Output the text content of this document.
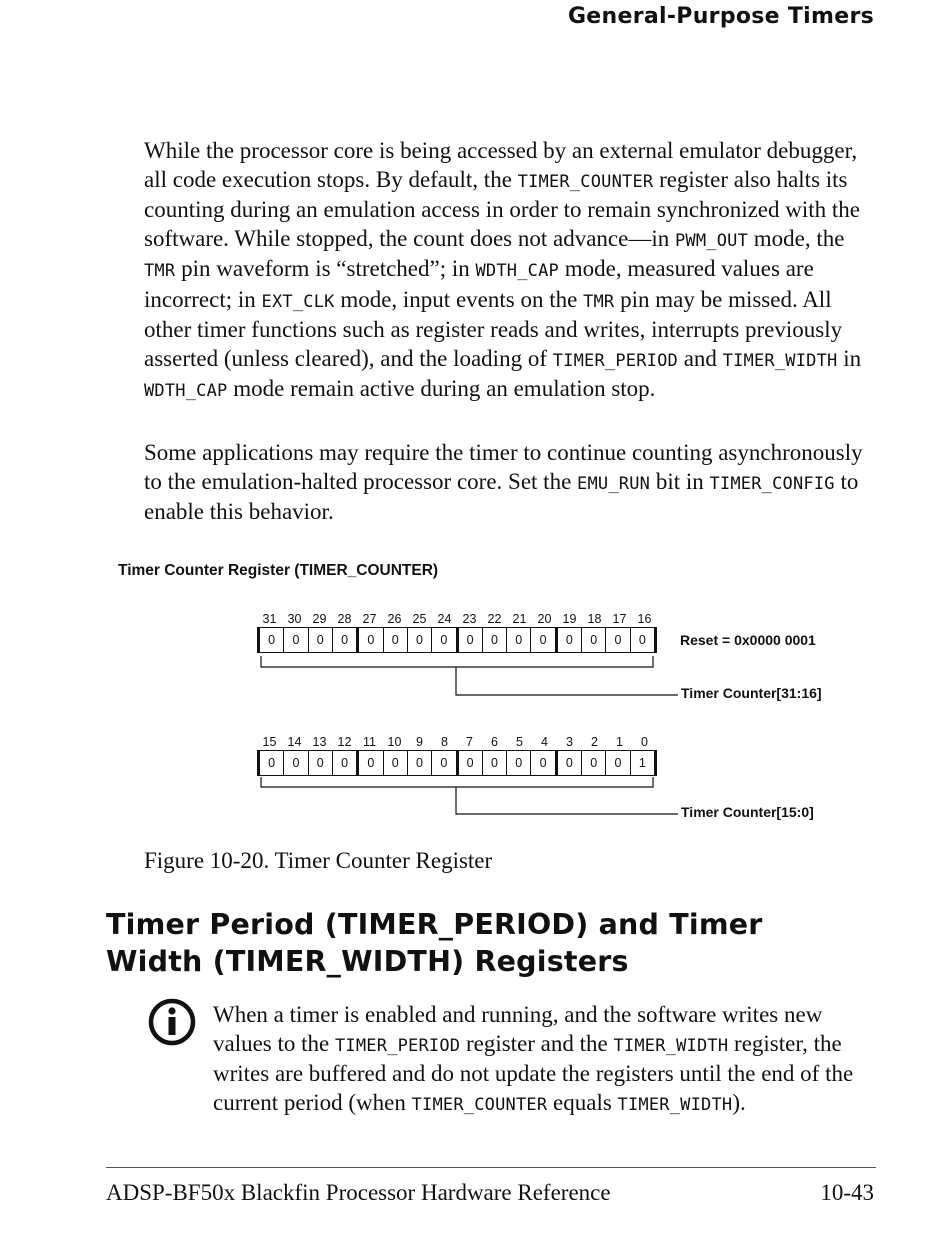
General-Purpose Timers

While the processor core is being accessed by an external emulator debugger, all code execution stops. By default, the TIMER_COUNTER register also halts its counting during an emulation access in order to remain synchronized with the software. While stopped, the count does not advance—in PWM_OUT mode, the TMR pin waveform is “stretched”; in WDTH_CAP mode, measured values are incorrect; in EXT_CLK mode, input events on the TMR pin may be missed. All other timer functions such as register reads and writes, interrupts previously asserted (unless cleared), and the loading of TIMER_PERIOD and TIMER_WIDTH in WDTH_CAP mode remain active during an emulation stop.

Some applications may require the timer to continue counting asynchronously to the emulation-halted processor core. Set the EMU_RUN bit in TIMER_CONFIG to enable this behavior.

Timer Counter Register (TIMER_COUNTER)
31 30 29 28 27 26 25 24 23 22 21 20 19 18 17 16
0	0	0	0	0	0	0	0	0	0	0	0	0	0	0	0	Reset = 0x0000 0001
Timer Counter[31:16]
15 14 13 12 11 10	9	8	7	6	5	4	3	2	1	0
0	0	0	0	0	0	0	0	0	0	0	0	0	0	0	1
Timer Counter[15:0]
Figure 10-20. Timer Counter Register
Timer Period (TIMER_PERIOD) and Timer
Width (TIMER_WIDTH) Registers

When a timer is enabled and running, and the software writes new values to the TIMER_PERIOD register and the TIMER_WIDTH register, the writes are buffered and do not update the registers until the end of the current period (when TIMER_COUNTER equals TIMER_WIDTH).

ADSP-BF50x Blackfin Processor Hardware Reference	10-43
